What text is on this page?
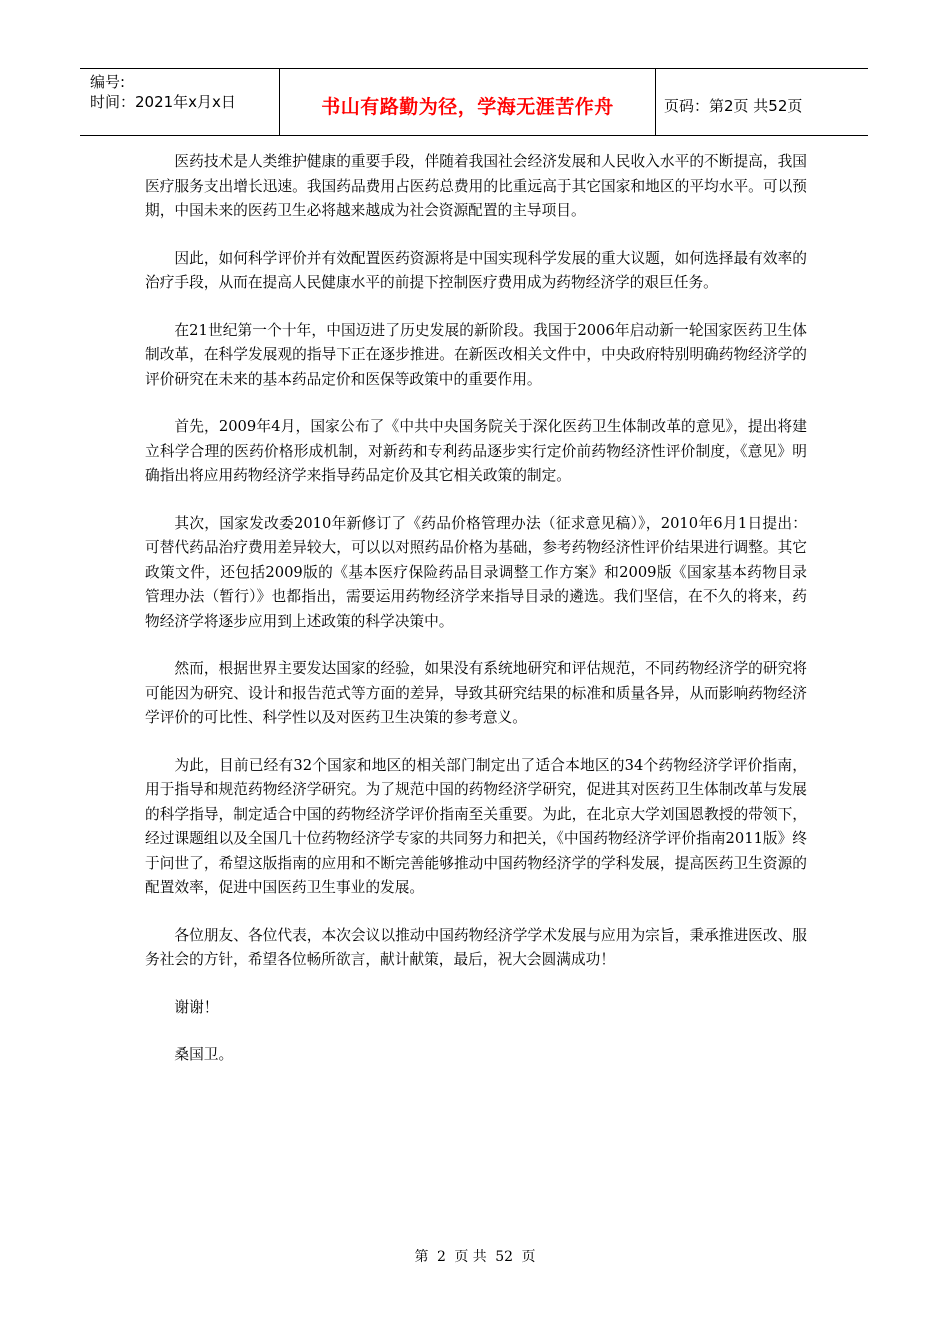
编号:
时间：2021年x月x日	书山有路勤为径，学海无涯苦作舟	页码：第2页 共52页

医药技术是人类维护健康的重要手段，伴随着我国社会经济发展和人民收入水平的不断提高，我国医疗服务支出增长迅速。我国药品费用占医药总费用的比重远高于其它国家和地区的平均水平。可以预期，中国未来的医药卫生必将越来越成为社会资源配置的主导项目。

因此，如何科学评价并有效配置医药资源将是中国实现科学发展的重大议题，如何选择最有效率的治疗手段，从而在提高人民健康水平的前提下控制医疗费用成为药物经济学的艰巨任务。

在21世纪第一个十年，中国迈进了历史发展的新阶段。我国于2006年启动新一轮国家医药卫生体制改革，在科学发展观的指导下正在逐步推进。在新医改相关文件中，中央政府特别明确药物经济学的评价研究在未来的基本药品定价和医保等政策中的重要作用。

首先，2009年4月，国家公布了《中共中央国务院关于深化医药卫生体制改革的意见》，提出将建立科学合理的医药价格形成机制，对新药和专利药品逐步实行定价前药物经济性评价制度，《意见》明确指出将应用药物经济学来指导药品定价及其它相关政策的制定。

其次，国家发改委2010年新修订了《药品价格管理办法（征求意见稿）》，2010年6月1日提出：可替代药品治疗费用差异较大，可以以对照药品价格为基础，参考药物经济性评价结果进行调整。其它政策文件，还包括2009版的《基本医疗保险药品目录调整工作方案》和2009版《国家基本药物目录管理办法（暂行）》也都指出，需要运用药物经济学来指导目录的遴选。我们坚信，在不久的将来，药物经济学将逐步应用到上述政策的科学决策中。

然而，根据世界主要发达国家的经验，如果没有系统地研究和评估规范，不同药物经济学的研究将可能因为研究、设计和报告范式等方面的差异，导致其研究结果的标准和质量各异，从而影响药物经济学评价的可比性、科学性以及对医药卫生决策的参考意义。

为此，目前已经有32个国家和地区的相关部门制定出了适合本地区的34个药物经济学评价指南，用于指导和规范药物经济学研究。为了规范中国的药物经济学研究，促进其对医药卫生体制改革与发展的科学指导，制定适合中国的药物经济学评价指南至关重要。为此，在北京大学刘国恩教授的带领下，经过课题组以及全国几十位药物经济学专家的共同努力和把关，《中国药物经济学评价指南2011版》终于问世了，希望这版指南的应用和不断完善能够推动中国药物经济学的学科发展，提高医药卫生资源的配置效率，促进中国医药卫生事业的发展。

各位朋友、各位代表，本次会议以推动中国药物经济学学术发展与应用为宗旨，秉承推进医改、服务社会的方针，希望各位畅所欲言，献计献策，最后，祝大会圆满成功！

谢谢！

桑国卫。

第 2 页 共 52 页
